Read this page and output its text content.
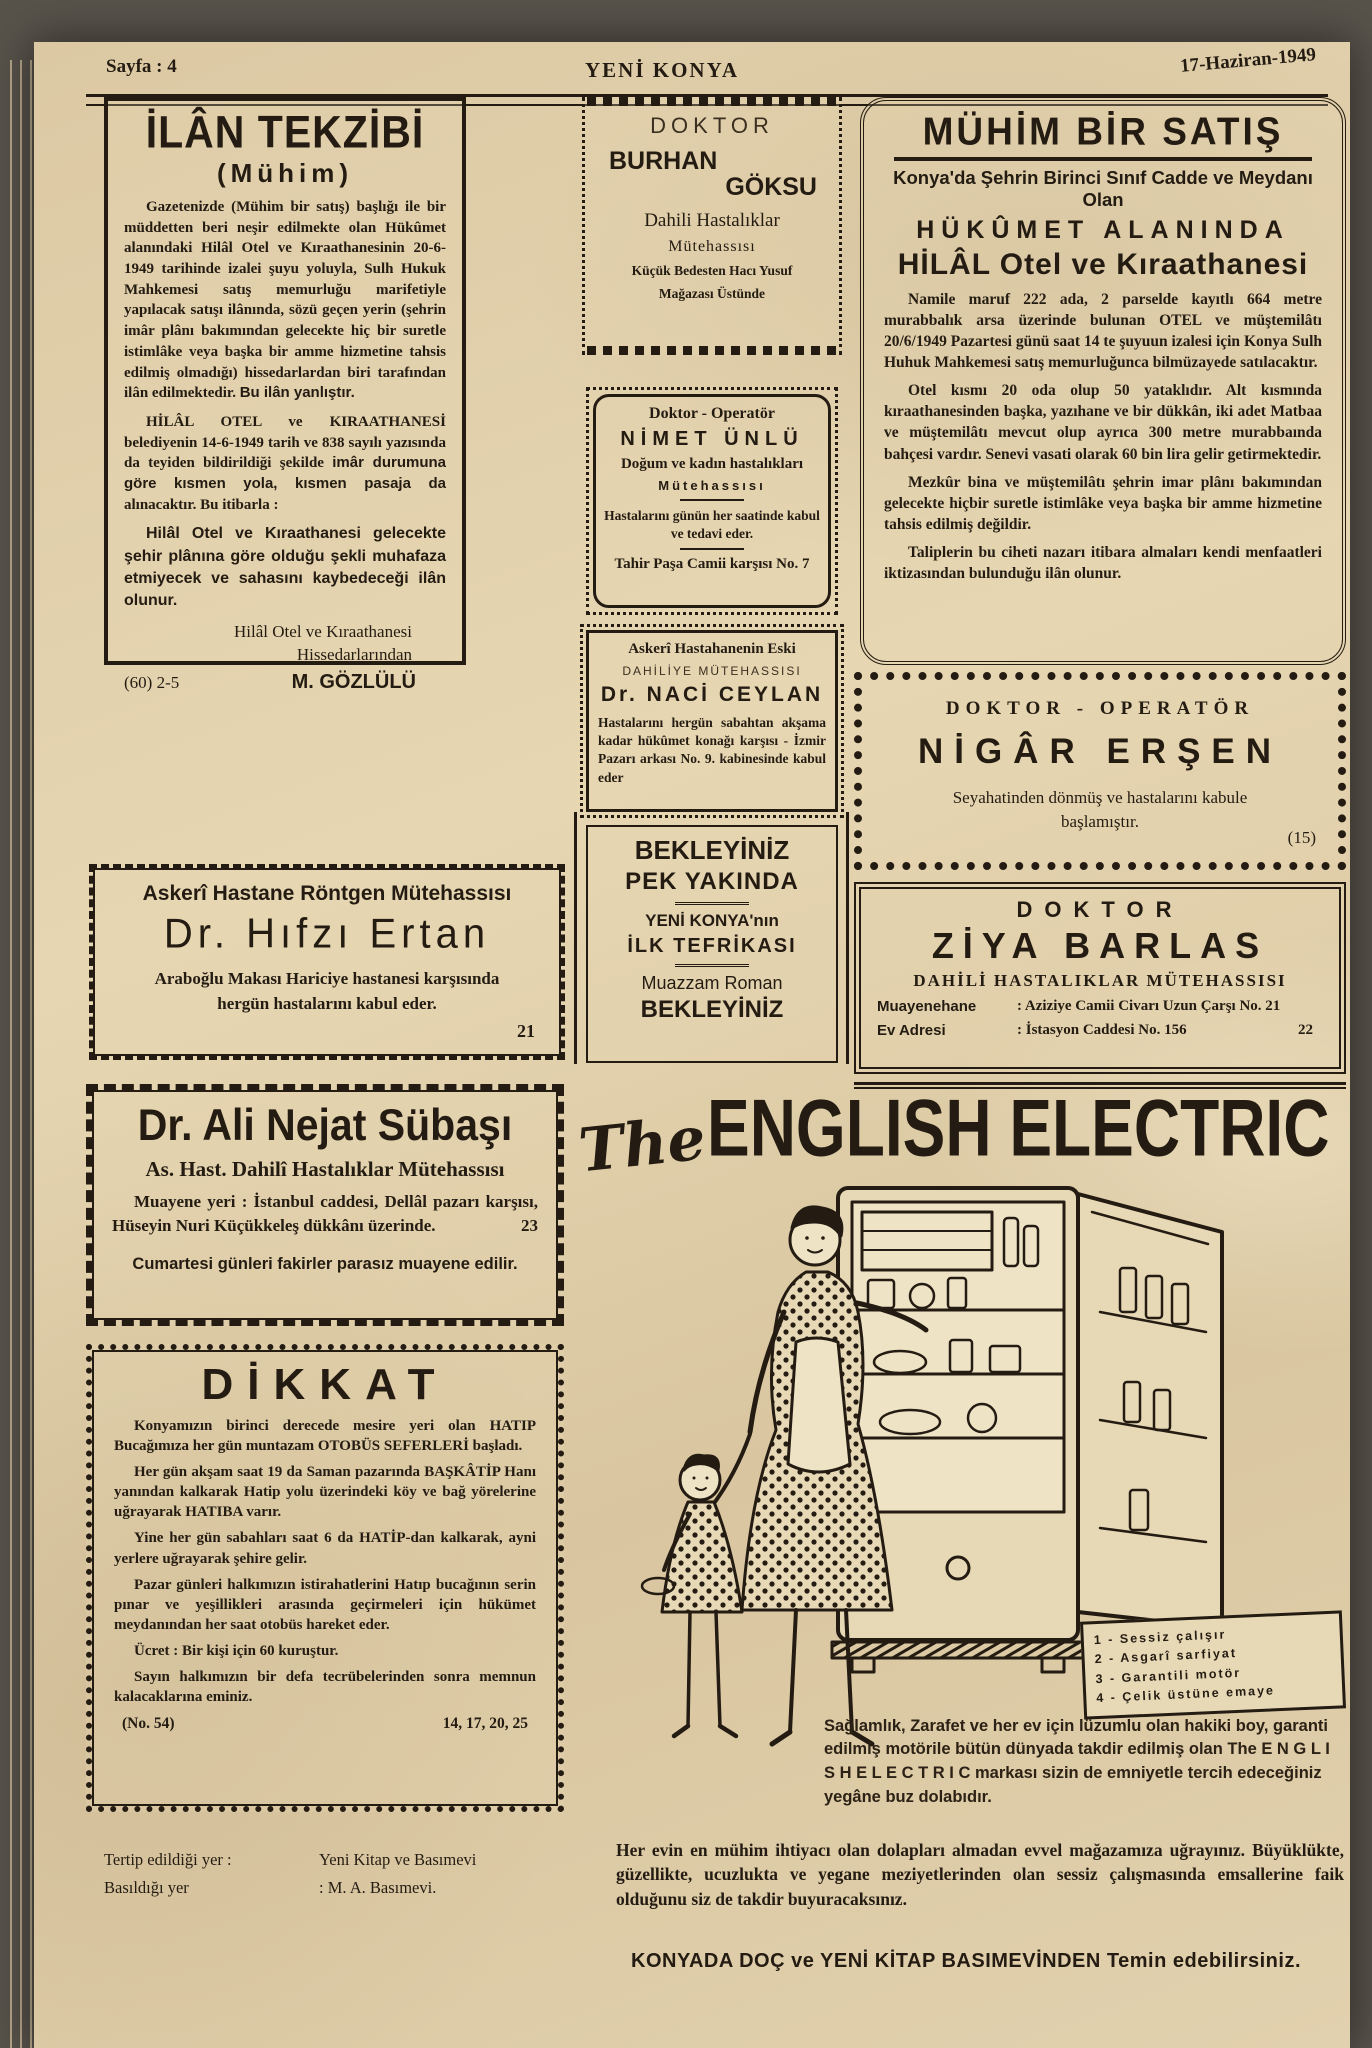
Sayfa : 4	YENİ KONYA	17-Haziran-1949
İLÂN TEKZİBİ
(Mühim)

Gazetenizde (Mühim bir satış) başlığı ile bir müddetten beri neşir edilmekte olan Hükûmet alanındaki Hilâl Otel ve Kıraathanesinin 20-6-1949 tarihinde izalei şuyu yoluyla, Sulh Hukuk Mahkemesi satış memurluğu marifetiyle yapılacak satışı ilânında, sözü geçen yerin (şehrin imâr plânı bakımından gelecekte hiç bir suretle istimlâke veya başka bir amme hizmetine tahsis edilmiş olmadığı) hissedarlardan biri tarafından ilân edilmektedir. Bu ilân yanlıştır.

HİLÂL OTEL ve KIRAATHANESİ belediyenin 14-6-1949 tarih ve 838 sayılı yazısında da teyiden bildirildiği şekilde imâr durumuna göre kısmen yola, kısmen pasaja da alınacaktır. Bu itibarla :

Hilâl Otel ve Kıraathanesi gelecekte şehir plânına göre olduğu şekli muhafaza etmiyecek ve sahasını kaybedeceği ilân olunur.

Hilâl Otel ve Kıraathanesi
Hissedarlarından
(60) 2-5	M. GÖZLÜLÜ
DOKTOR
BURHAN
GÖKSU
Dahili Hastalıklar
Mütehassısı
Küçük Bedesten Hacı Yusuf
Mağazası Üstünde
Doktor - Operatör
NİMET ÜNLÜ
Doğum ve kadın hastalıkları
Mütehassısı
Hastalarını günün her saatinde kabul ve tedavi eder.
Tahir Paşa Camii karşısı No. 7
Askerî Hastahanenin Eski
DAHİLİYE MÜTEHASSISI
Dr. NACİ CEYLAN
Hastalarını hergün sabahtan akşama kadar hükûmet konağı karşısı - İzmir Pazarı arkası No. 9. kabinesinde kabul eder
BEKLEYİNİZ
PEK YAKINDA
YENİ KONYA'nın
İLK TEFRİKASI
Muazzam Roman
BEKLEYİNİZ
MÜHİM BİR SATIŞ
Konya'da Şehrin Birinci Sınıf Cadde ve Meydanı Olan
HÜKÛMET ALANINDA
HİLÂL Otel ve Kıraathanesi

Namile maruf 222 ada, 2 parselde kayıtlı 664 metre murabbalık arsa üzerinde bulunan OTEL ve müştemilâtı 20/6/1949 Pazartesi günü saat 14 te şuyuun izalesi için Konya Sulh Huhuk Mahkemesi satış memurluğunca bilmüzayede satılacaktır.

Otel kısmı 20 oda olup 50 yataklıdır. Alt kısmında kıraathanesinden başka, yazıhane ve bir dükkân, iki adet Matbaa ve müştemilâtı mevcut olup ayrıca 300 metre murabbaında bahçesi vardır. Senevi vasati olarak 60 bin lira gelir getirmektedir.

Mezkûr bina ve müştemilâtı şehrin imar plânı bakımından gelecekte hiçbir suretle istimlâke veya başka bir amme hizmetine tahsis edilmiş değildir.

Taliplerin bu ciheti nazarı itibara almaları kendi menfaatleri iktizasından bulunduğu ilân olunur.

DOKTOR - OPERATÖR
NİGÂR ERŞEN
Seyahatinden dönmüş ve hastalarını kabule başlamıştır.
(15)
DOKTOR
ZİYA BARLAS
DAHİLİ HASTALIKLAR MÜTEHASSISI
Muayenehane	: Aziziye Camii Civarı Uzun Çarşı No. 21
Ev Adresi	: İstasyon Caddesi No. 156	22
Askerî Hastane Röntgen Mütehassısı
Dr. Hıfzı Ertan
Araboğlu Makası Hariciye hastanesi karşısında hergün hastalarını kabul eder.
21
Dr. Ali Nejat Sübaşı
As. Hast. Dahilî Hastalıklar Mütehassısı

Muayene yeri : İstanbul caddesi, Dellâl pazarı karşısı, Hüseyin Nuri Küçükkeleş dükkânı üzerinde.	23

Cumartesi günleri fakirler parasız muayene edilir.
DİKKAT

Konyamızın birinci derecede mesire yeri olan HATIP Bucağımıza her gün muntazam OTOBÜS SEFERLERİ başladı.

Her gün akşam saat 19 da Saman pazarında BAŞKÂTİP Hanı yanından kalkarak Hatip yolu üzerindeki köy ve bağ yörelerine uğrayarak HATIBA varır.

Yine her gün sabahları saat 6 da HATİP-dan kalkarak, ayni yerlere uğrayarak şehire gelir.

Pazar günleri halkımızın istirahatlerini Hatıp bucağının serin pınar ve yeşillikleri arasında geçirmeleri için hükümet meydanından her saat otobüs hareket eder.

Ücret : Bir kişi için 60 kuruştur.

Sayın halkımızın bir defa tecrübelerinden sonra memnun kalacaklarına eminiz.

(No. 54)	14, 17, 20, 25
Tertip edildiği yer :	Yeni Kitap ve Basımevi
Basıldığı yer	: M. A. Basımevi.
TheENGLISH ELECTRIC
1 - Sessiz çalışır
2 - Asgarî sarfiyat
3 - Garantili motör
4 - Çelik üstüne emaye

Sağlamlık, Zarafet ve her ev için lüzumlu olan hakiki boy, garanti edilmiş motörile bütün dünyada takdir edilmiş olan The E N G L I S H E L E C T R I C markası sizin de emniyetle tercih edeceğiniz yegâne buz dolabıdır.

Her evin en mühim ihtiyacı olan dolapları almadan evvel mağazamıza uğrayınız. Büyüklükte, güzellikte, ucuzlukta ve yegane meziyetlerinden olan sessiz çalışmasında emsallerine faik olduğunu siz de takdir buyuracaksınız.

KONYADA DOÇ ve YENİ KİTAP BASIMEVİNDEN Temin edebilirsiniz.
